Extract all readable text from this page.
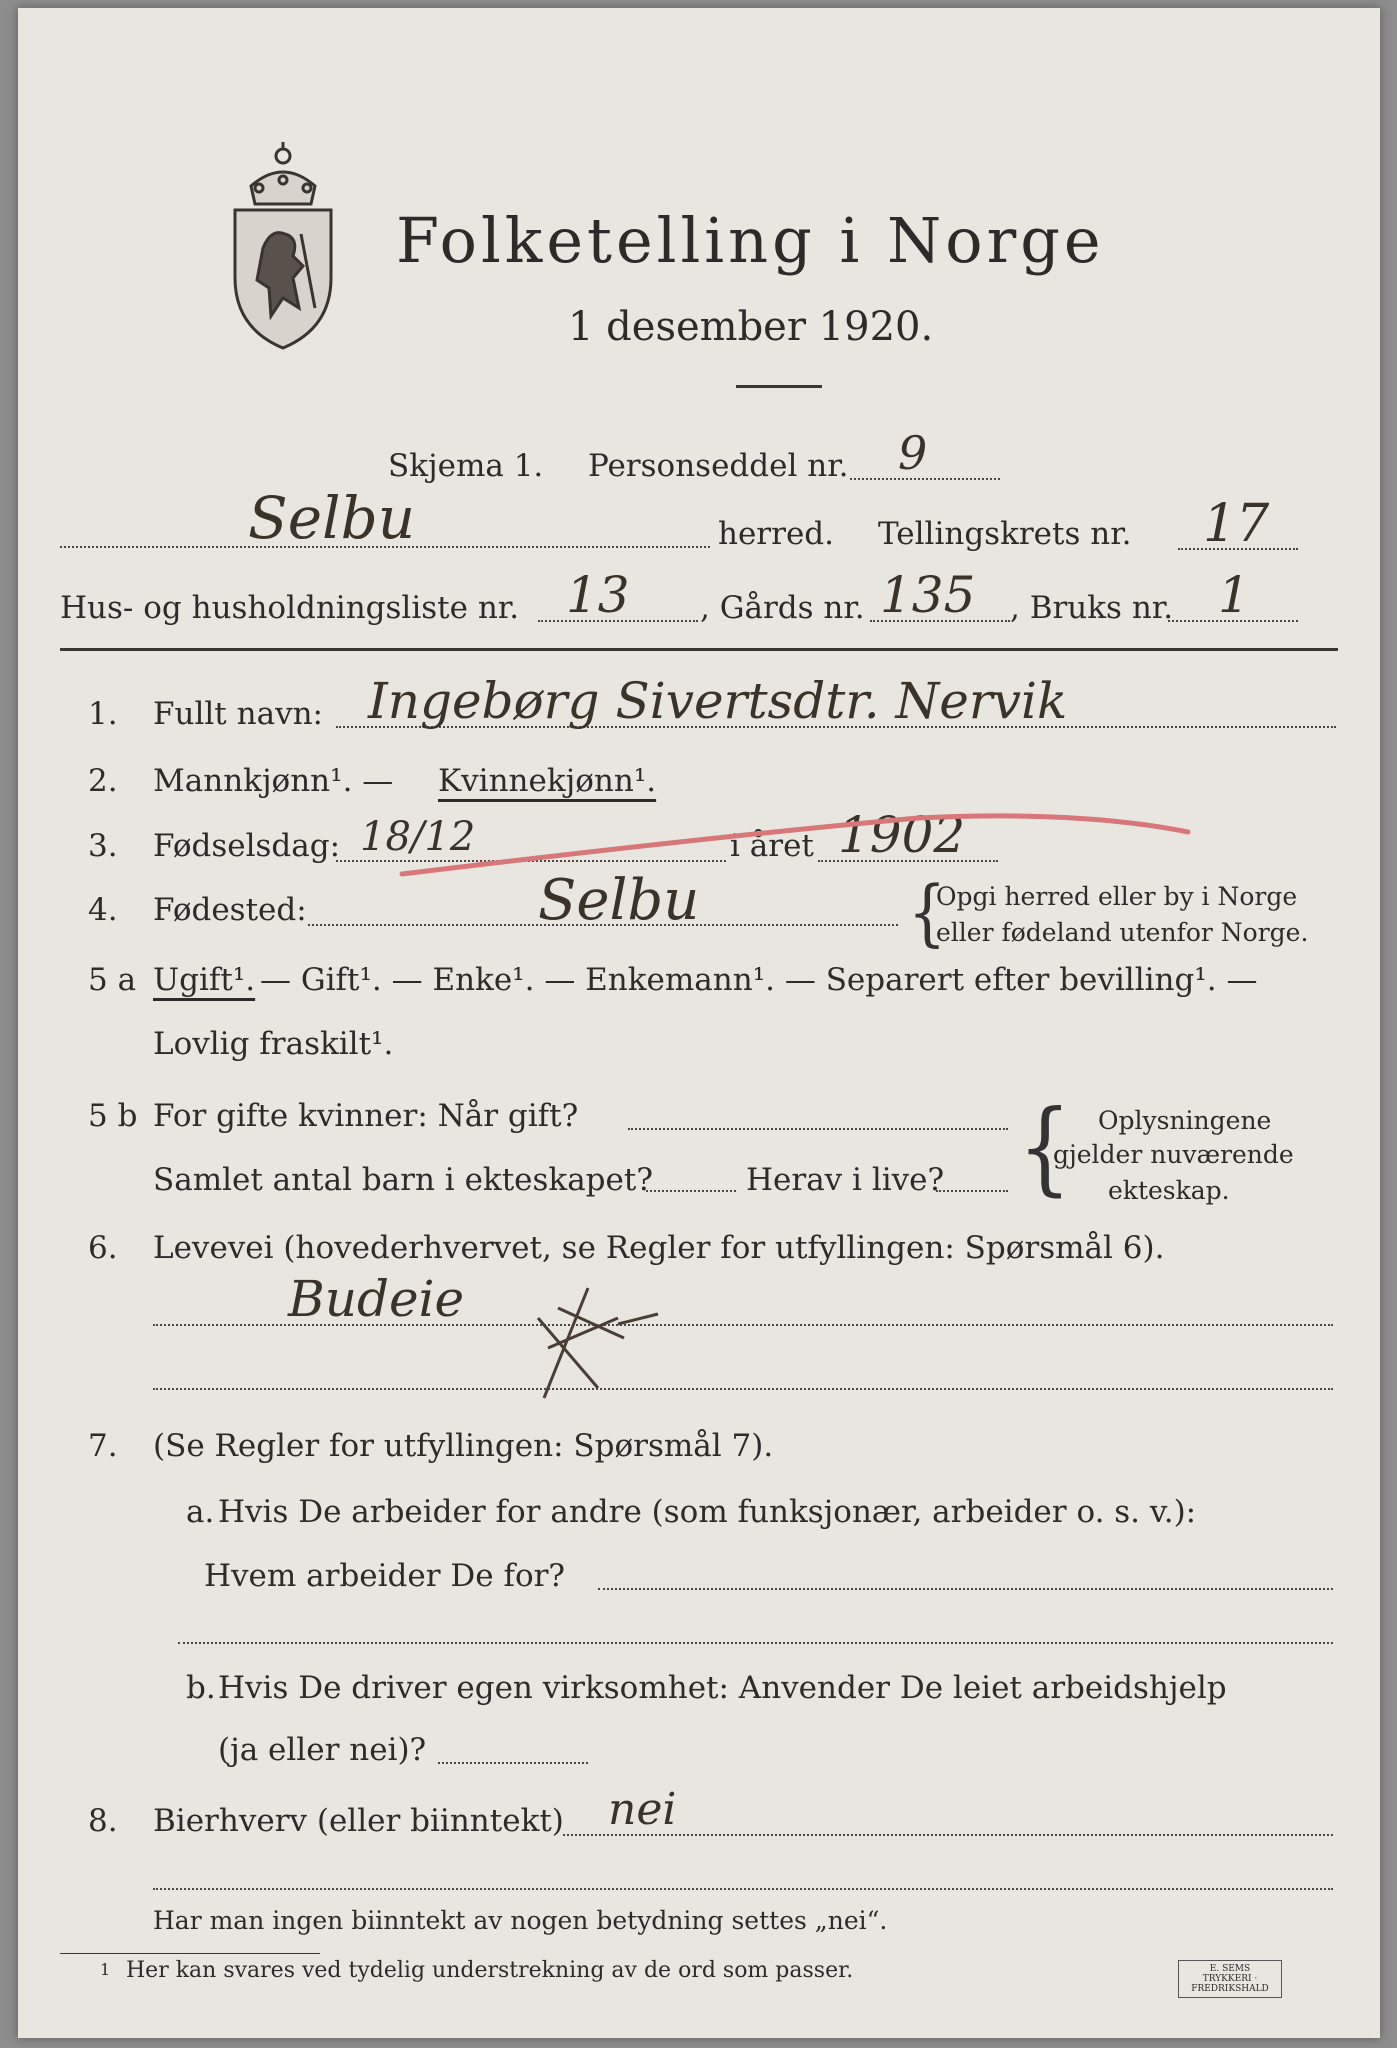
Folketelling i Norge
1 desember 1920.
Skjema 1. Personseddel nr. 9
Selbu	herred. Tellingskrets nr. 17
Hus- og husholdningsliste nr. 13 , Gårds nr. 135 , Bruks nr. 1
1. Fullt navn: Ingebørg Sivertsdtr. Nervik
2. Mannkjønn¹. — Kvinnekjønn¹.
3. Fødselsdag: 18/12	i året 1902
4. Fødested:	Selbu	{
Opgi herred eller by i Norge
eller fødeland utenfor Norge.
5 a Ugift¹. — Gift¹. — Enke¹. — Enkemann¹. — Separert efter bevilling¹. —
Lovlig fraskilt¹.
5 b For gifte kvinner: Når gift?
Samlet antal barn i ekteskapet?	Herav i live? { Oplysningene
gjelder nuværende
ekteskap.
6. Levevei (hovederhvervet, se Regler for utfyllingen: Spørsmål 6).
Budeie
7. (Se Regler for utfyllingen: Spørsmål 7).
a. Hvis De arbeider for andre (som funksjonær, arbeider o. s. v.):
Hvem arbeider De for?
b. Hvis De driver egen virksomhet: Anvender De leiet arbeidshjelp
(ja eller nei)?
8. Bierhverv (eller biinntekt) nei
Har man ingen biinntekt av nogen betydning settes „nei“.
1 Her kan svares ved tydelig understrekning av de ord som passer.	E. SEMS TRYKKERI · FREDRIKSHALD
